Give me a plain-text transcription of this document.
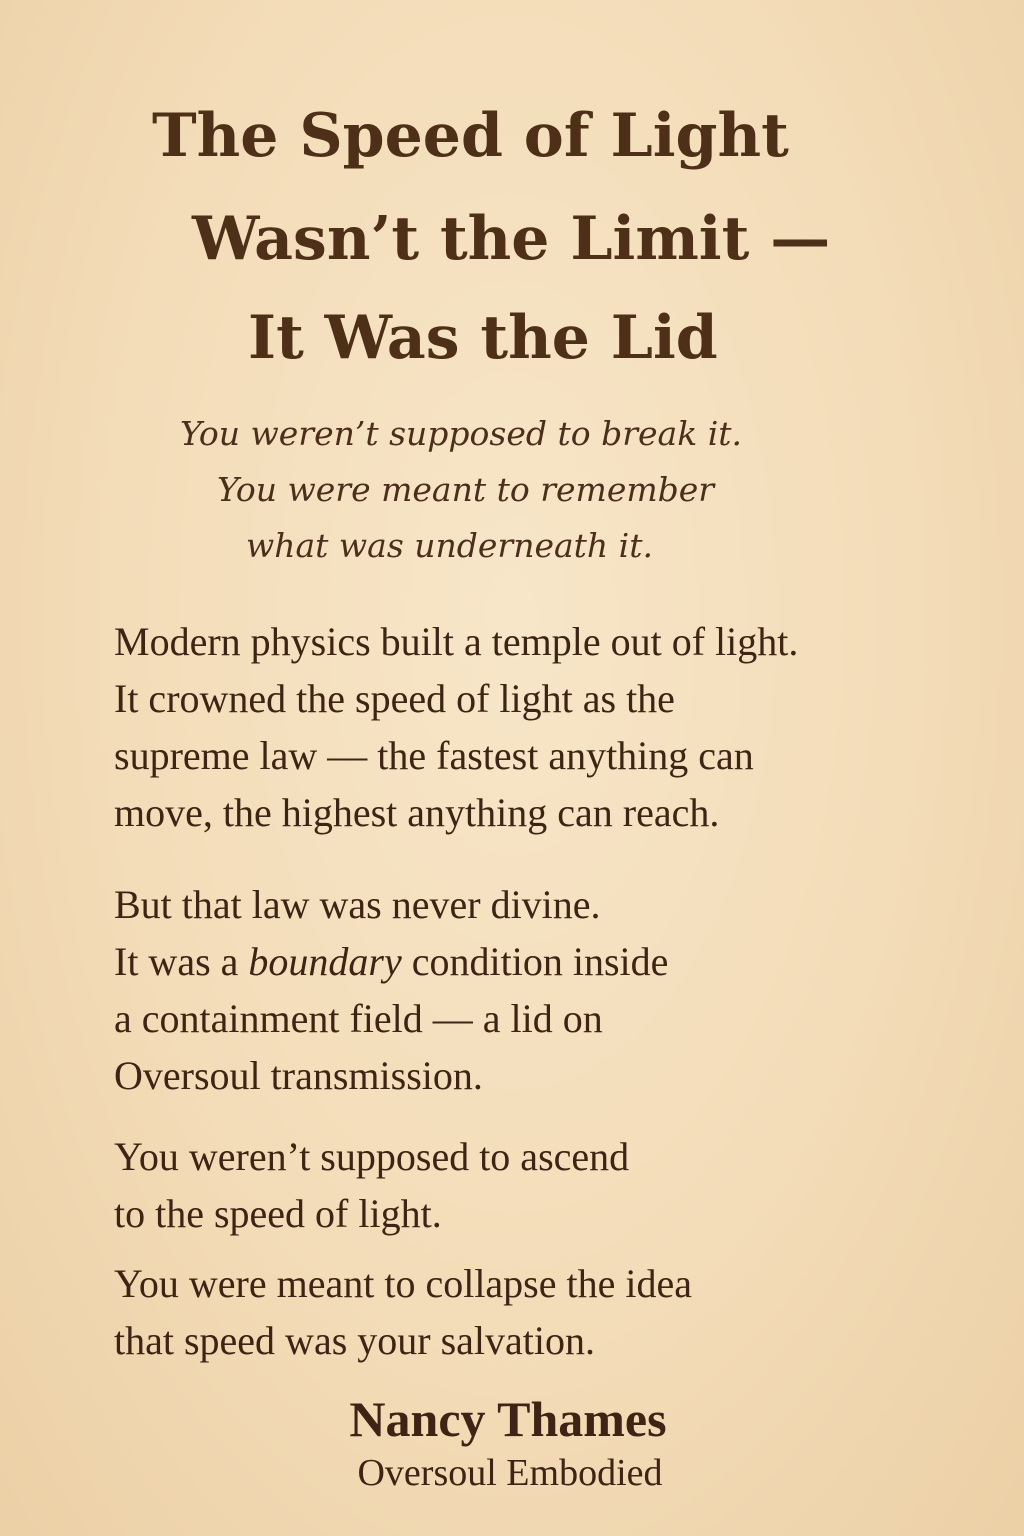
The Speed of Light
Wasn’t the Limit —
It Was the Lid

You weren’t supposed to break it.

You were meant to remember

what was underneath it.

Modern physics built a temple out of light.
It crowned the speed of light as the
supreme law — the fastest anything can
move, the highest anything can reach.
But that law was never divine.
It was a boundary condition inside
a containment field — a lid on
Oversoul transmission.
You weren’t supposed to ascend
to the speed of light.
You were meant to collapse the idea
that speed was your salvation.
Nancy Thames
Oversoul Embodied
